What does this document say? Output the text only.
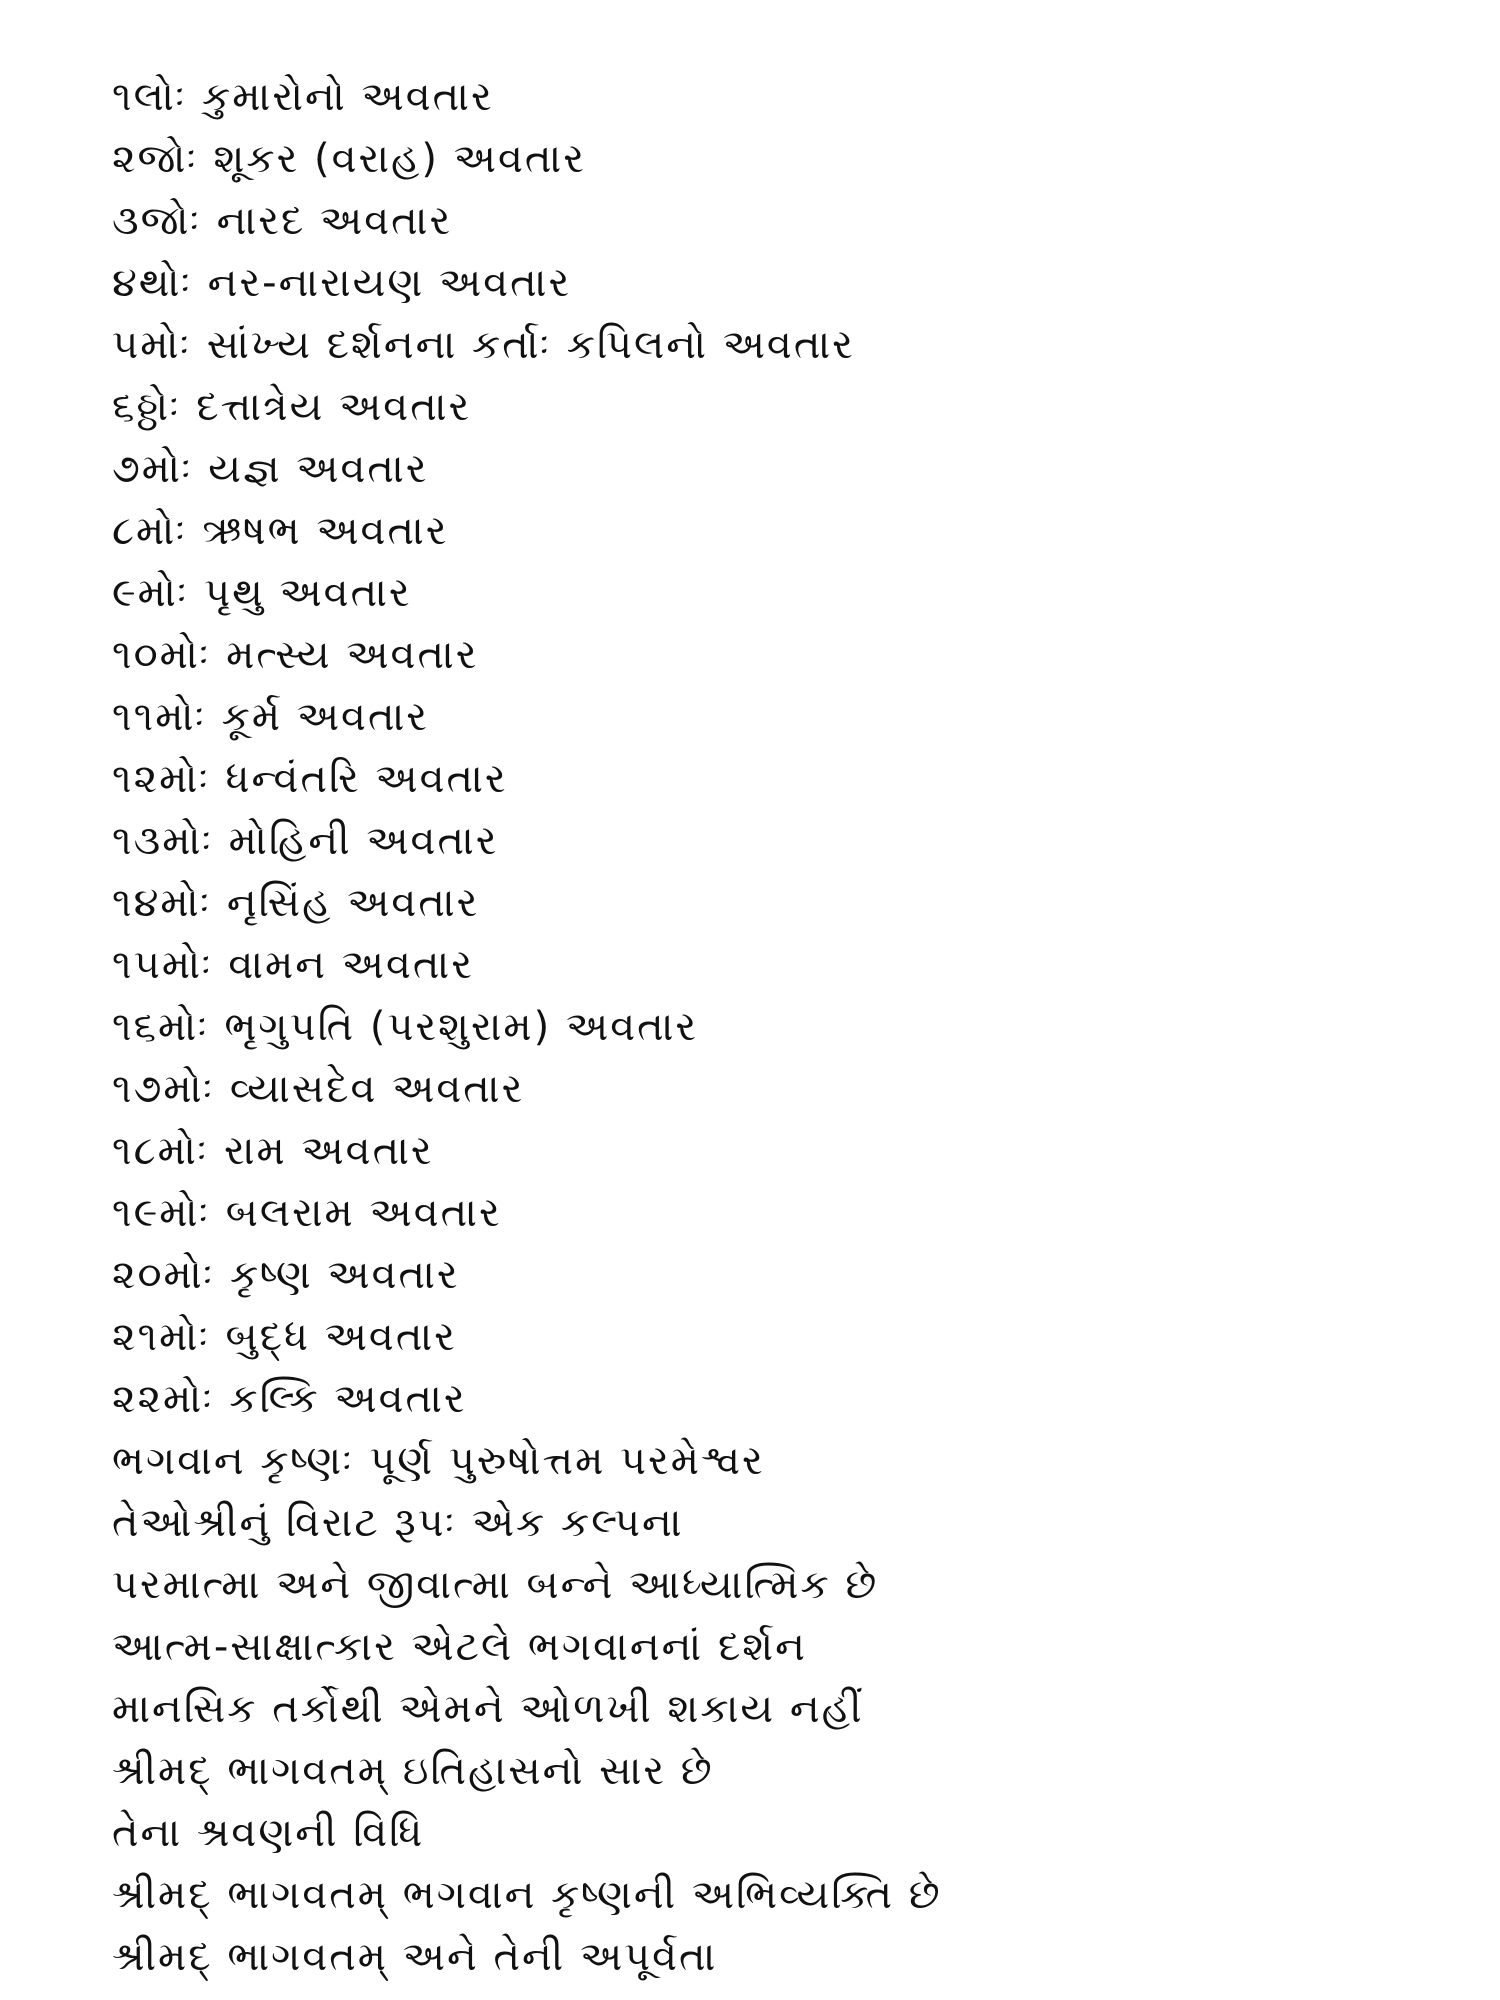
૧લોઃ કુમારોનો અવતાર
૨જોઃ શૂકર (વરાહ) અવતાર
૩જોઃ નારદ અવતાર
૪થોઃ નર-નારાયણ અવતાર
૫મોઃ સાંખ્ય દર્શનના કર્તાઃ કપિલનો અવતાર
૬ઠ્ઠોઃ દત્તાત્રેય અવતાર
૭મોઃ યજ્ઞ અવતાર
૮મોઃ ઋષભ અવતાર
૯મોઃ પૃથુ અવતાર
૧૦મોઃ મત્સ્ય અવતાર
૧૧મોઃ કૂર્મ અવતાર
૧૨મોઃ ધન્વંતરિ અવતાર
૧૩મોઃ મોહિની અવતાર
૧૪મોઃ નૃસિંહ અવતાર
૧૫મોઃ વામન અવતાર
૧૬મોઃ ભૃગુપતિ (પરશુરામ) અવતાર
૧૭મોઃ વ્યાસદેવ અવતાર
૧૮મોઃ રામ અવતાર
૧૯મોઃ બલરામ અવતાર
૨૦મોઃ કૃષ્ણ અવતાર
૨૧મોઃ બુદ્ધ અવતાર
૨૨મોઃ કલ્કિ અવતાર
ભગવાન કૃષ્ણઃ પૂર્ણ પુરુષોત્તમ પરમેશ્વર
તેઓશ્રીનું વિરાટ રૂપઃ એક કલ્પના
પરમાત્મા અને જીવાત્મા બન્ને આધ્યાત્મિક છે
આત્મ-સાક્ષાત્કાર એટલે ભગવાનનાં દર્શન
માનસિક તર્કોથી એમને ઓળખી શકાય નહીં
શ્રીમદ્ ભાગવતમ્ ઇતિહાસનો સાર છે
તેના શ્રવણની વિધિ
શ્રીમદ્ ભાગવતમ્ ભગવાન કૃષ્ણની અભિવ્યક્તિ છે
શ્રીમદ્ ભાગવતમ્ અને તેની અપૂર્વતા
